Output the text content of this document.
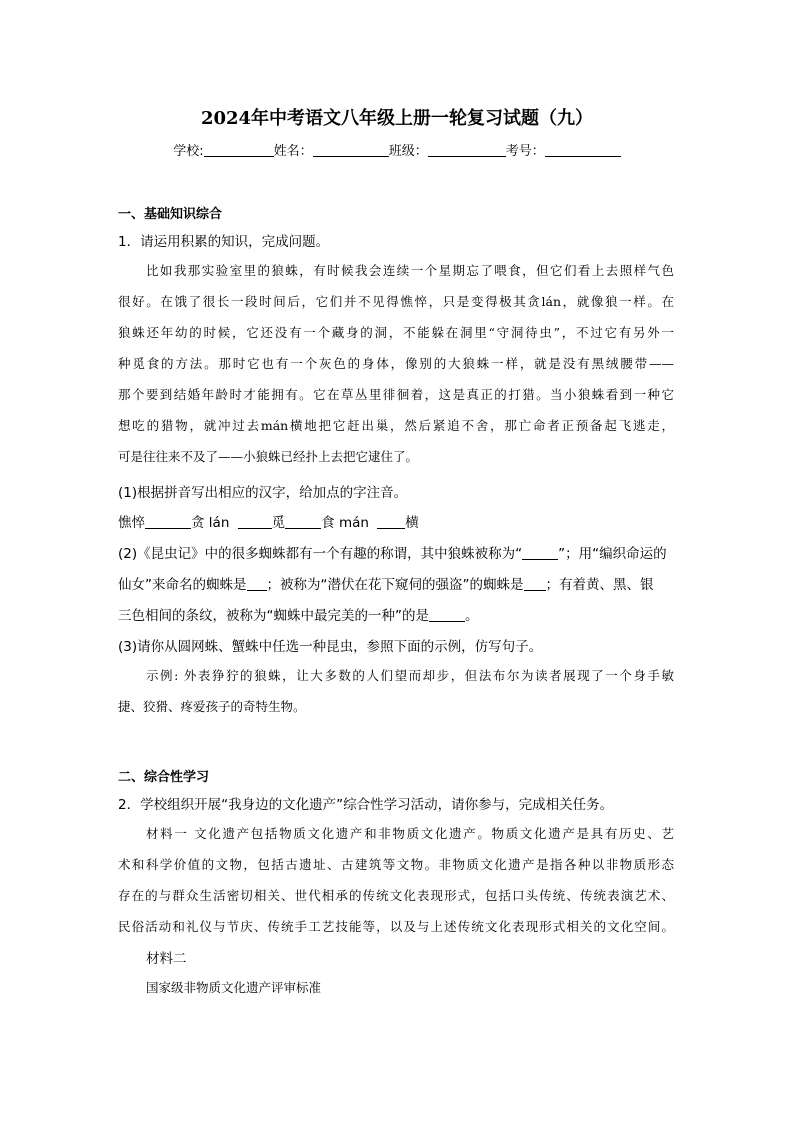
2024年中考语文八年级上册一轮复习试题（九）
学校:	姓名：	班级：	考号：
一、基础知识综合
1．请运用积累的知识，完成问题。
比如我那实验室里的狼蛛，有时候我会连续一个星期忘了喂食，但它们看上去照样气色
很好。在饿了很长一段时间后，它们并不见得憔悴，只是变得极其贪lán，就像狼一样。在
狼蛛还年幼的时候，它还没有一个藏身的洞，不能躲在洞里“守洞待虫”，不过它有另外一
种觅食的方法。那时它也有一个灰色的身体，像别的大狼蛛一样，就是没有黑绒腰带——
那个要到结婚年龄时才能拥有。它在草丛里徘徊着，这是真正的打猎。当小狼蛛看到一种它
想吃的猎物，就冲过去mán横地把它赶出巢，然后紧追不舍，那亡命者正预备起飞逃走，
可是往往来不及了——小狼蛛已经扑上去把它逮住了。
(1)根据拼音写出相应的汉字，给加点的字注音。
憔悴	贪 lán	觅	食 mán	横
(2)《昆虫记》中的很多蜘蛛都有一个有趣的称谓，其中狼蛛被称为“	”；用“编织命运的
仙女”来命名的蜘蛛是 ；被称为“潜伏在花下窥伺的强盗”的蜘蛛是 ；有着黄、黑、银
三色相间的条纹，被称为“蜘蛛中最完美的一种”的是	。
(3)请你从圆网蛛、蟹蛛中任选一种昆虫，参照下面的示例，仿写句子。
示例: 外表狰狞的狼蛛，让大多数的人们望而却步，但法布尔为读者展现了一个身手敏
捷、狡猾、疼爱孩子的奇特生物。
二、综合性学习
2．学校组织开展“我身边的文化遗产”综合性学习活动，请你参与，完成相关任务。
材料一 文化遗产包括物质文化遗产和非物质文化遗产。物质文化遗产是具有历史、艺
术和科学价值的文物，包括古遗址、古建筑等文物。非物质文化遗产是指各种以非物质形态
存在的与群众生活密切相关、世代相承的传统文化表现形式，包括口头传统、传统表演艺术、
民俗活动和礼仪与节庆、传统手工艺技能等，以及与上述传统文化表现形式相关的文化空间。
材料二
国家级非物质文化遗产评审标准
